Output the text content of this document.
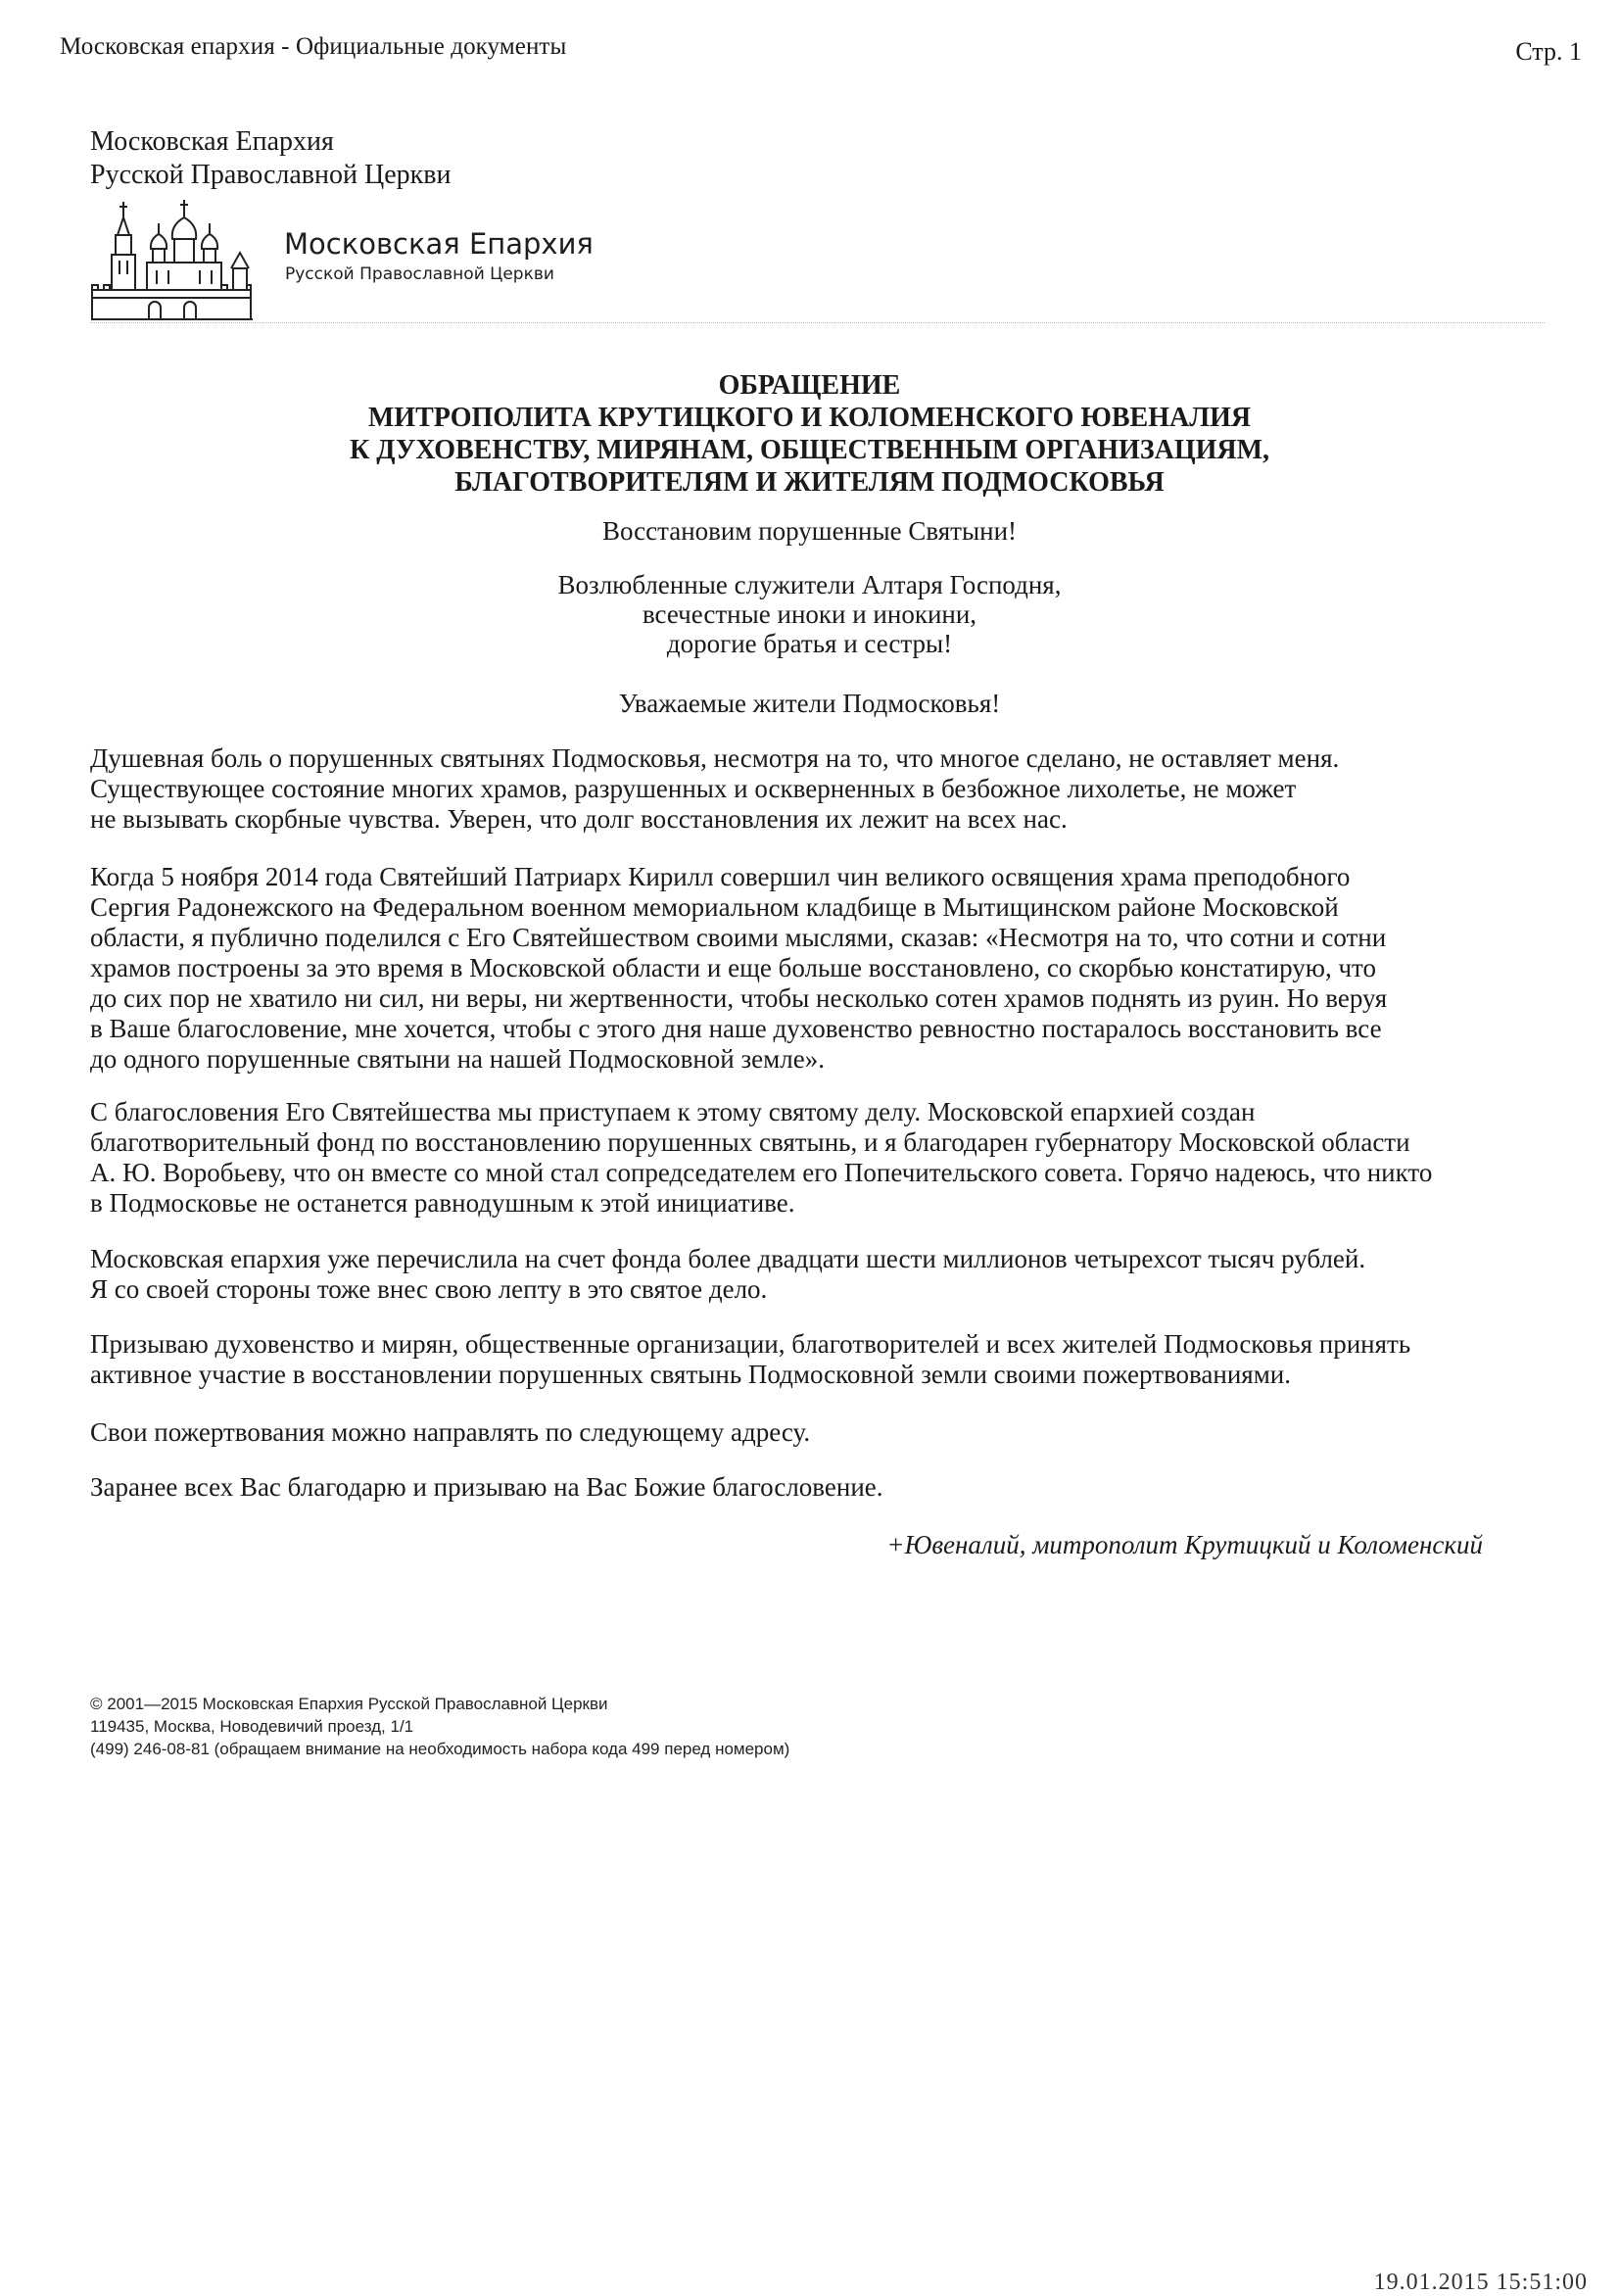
Московская епархия - Официальные документы	Стр. 1
Московская Епархия
Русской Православной Церкви
Московская Епархия
Русской Православной Церкви
ОБРАЩЕНИЕ
МИТРОПОЛИТА КРУТИЦКОГО И КОЛОМЕНСКОГО ЮВЕНАЛИЯ
К ДУХОВЕНСТВУ, МИРЯНАМ, ОБЩЕСТВЕННЫМ ОРГАНИЗАЦИЯМ,
БЛАГОТВОРИТЕЛЯМ И ЖИТЕЛЯМ ПОДМОСКОВЬЯ
Восстановим порушенные Святыни!
Возлюбленные служители Алтаря Господня,
всечестные иноки и инокини,
дорогие братья и сестры!
Уважаемые жители Подмосковья!
Душевная боль о порушенных святынях Подмосковья, несмотря на то, что многое сделано, не оставляет меня.
Существующее состояние многих храмов, разрушенных и оскверненных в безбожное лихолетье, не может
не вызывать скорбные чувства. Уверен, что долг восстановления их лежит на всех нас.
Когда 5 ноября 2014 года Святейший Патриарх Кирилл совершил чин великого освящения храма преподобного
Сергия Радонежского на Федеральном военном мемориальном кладбище в Мытищинском районе Московской
области, я публично поделился с Его Святейшеством своими мыслями, сказав: «Несмотря на то, что сотни и сотни
храмов построены за это время в Московской области и еще больше восстановлено, со скорбью констатирую, что
до сих пор не хватило ни сил, ни веры, ни жертвенности, чтобы несколько сотен храмов поднять из руин. Но веруя
в Ваше благословение, мне хочется, чтобы с этого дня наше духовенство ревностно постаралось восстановить все
до одного порушенные святыни на нашей Подмосковной земле».
С благословения Его Святейшества мы приступаем к этому святому делу. Московской епархией создан
благотворительный фонд по восстановлению порушенных святынь, и я благодарен губернатору Московской области
А. Ю. Воробьеву, что он вместе со мной стал сопредседателем его Попечительского совета. Горячо надеюсь, что никто
в Подмосковье не останется равнодушным к этой инициативе.
Московская епархия уже перечислила на счет фонда более двадцати шести миллионов четырехсот тысяч рублей.
Я со своей стороны тоже внес свою лепту в это святое дело.
Призываю духовенство и мирян, общественные организации, благотворителей и всех жителей Подмосковья принять
активное участие в восстановлении порушенных святынь Подмосковной земли своими пожертвованиями.
Свои пожертвования можно направлять по следующему адресу.
Заранее всех Вас благодарю и призываю на Вас Божие благословение.
+Ювеналий, митрополит Крутицкий и Коломенский
© 2001—2015 Московская Епархия Русской Православной Церкви
119435, Москва, Новодевичий проезд, 1/1
(499) 246-08-81 (обращаем внимание на необходимость набора кода 499 перед номером)
19.01.2015 15:51:00
